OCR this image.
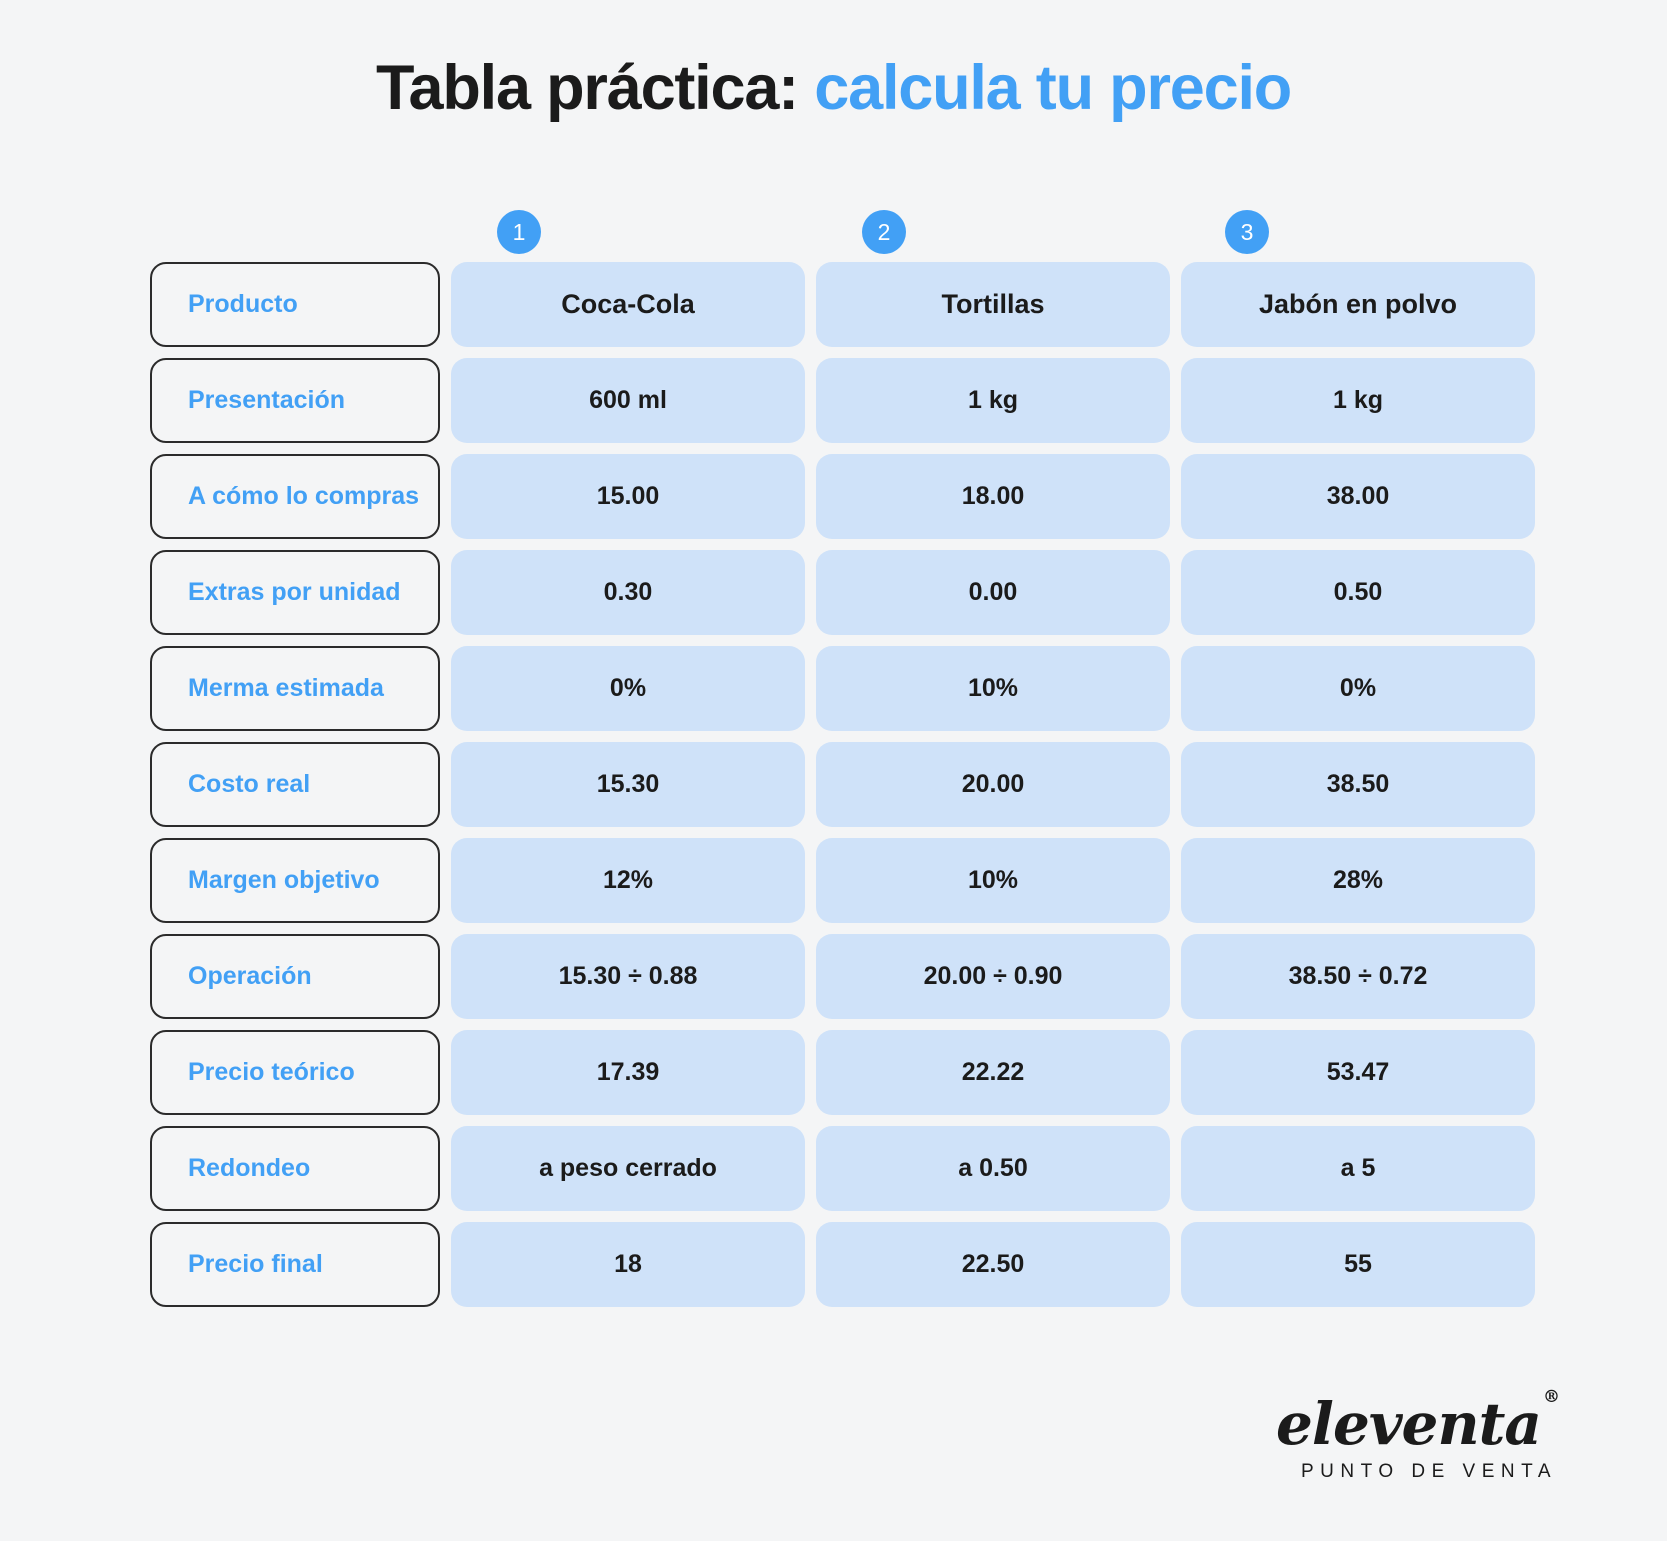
Tabla práctica: calcula tu precio
1	2	3
Producto	Coca-Cola	Tortillas	Jabón en polvo
Presentación	600 ml	1 kg	1 kg
A cómo lo compras	15.00	18.00	38.00
Extras por unidad	0.30	0.00	0.50
Merma estimada	0%	10%	0%
Costo real	15.30	20.00	38.50
Margen objetivo	12%	10%	28%
Operación	15.30 ÷ 0.88	20.00 ÷ 0.90	38.50 ÷ 0.72
Precio teórico	17.39	22.22	53.47
Redondeo	a peso cerrado	a 0.50	a 5
Precio final	18	22.50	55
eleventa ®
PUNTO DE VENTA
